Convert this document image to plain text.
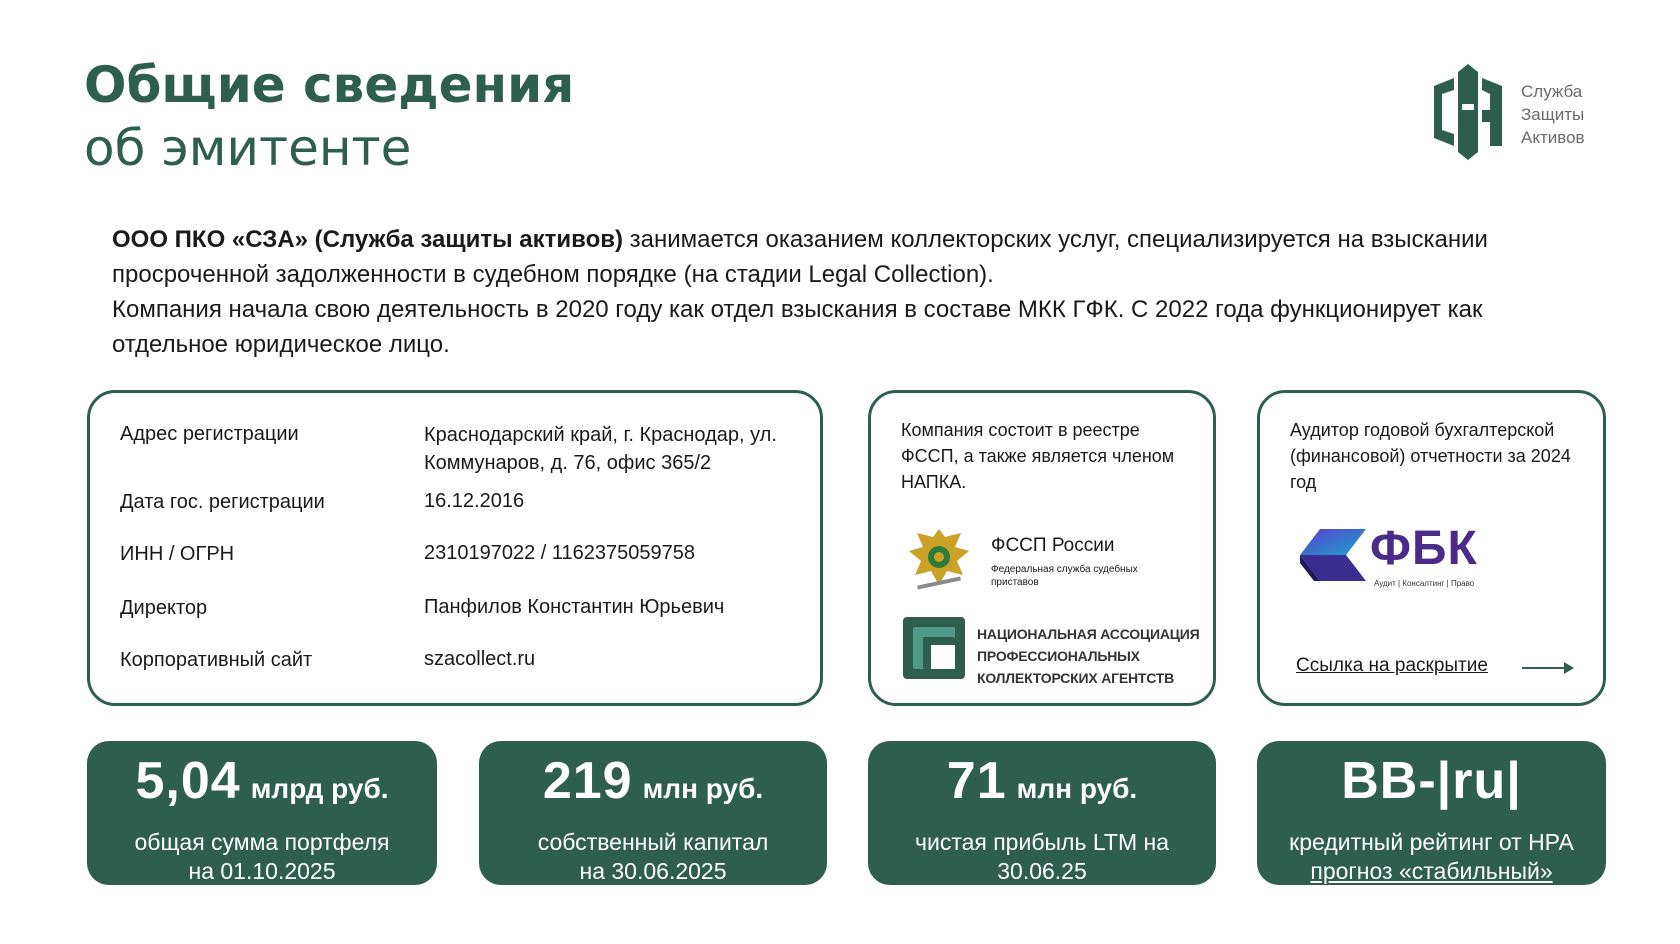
Общие сведения
об эмитенте
Служба
Защиты
Активов
ООО ПКО «СЗА» (Служба защиты активов) занимается оказанием коллекторских услуг, специализируется на взыскании просроченной задолженности в судебном порядке (на стадии Legal Collection).
Компания начала свою деятельность в 2020 году как отдел взыскания в составе МКК ГФК. С 2022 года функционирует как отдельное юридическое лицо.
Адрес регистрации	Краснодарский край, г. Краснодар, ул. Коммунаров, д. 76, офис 365/2
Дата гос. регистрации	16.12.2016
ИНН / ОГРН	2310197022 / 1162375059758
Директор	Панфилов Константин Юрьевич
Корпоративный сайт	szacollect.ru
Компания состоит в реестре ФССП, а также является членом НАПКА.
ФССП России
Федеральная служба судебных приставов
НАЦИОНАЛЬНАЯ АССОЦИАЦИЯ
ПРОФЕССИОНАЛЬНЫХ
КОЛЛЕКТОРСКИХ АГЕНТСТВ
Аудитор годовой бухгалтерской (финансовой) отчетности за 2024 год
ФБК
Аудит | Консалтинг | Право
Ссылка на раскрытие
5,04 млрд руб.
общая сумма портфеля
на 01.10.2025
219 млн руб.
собственный капитал
на 30.06.2025
71 млн руб.
чистая прибыль LTM на
30.06.25
BB-|ru|
кредитный рейтинг от НРА
прогноз «стабильный»
